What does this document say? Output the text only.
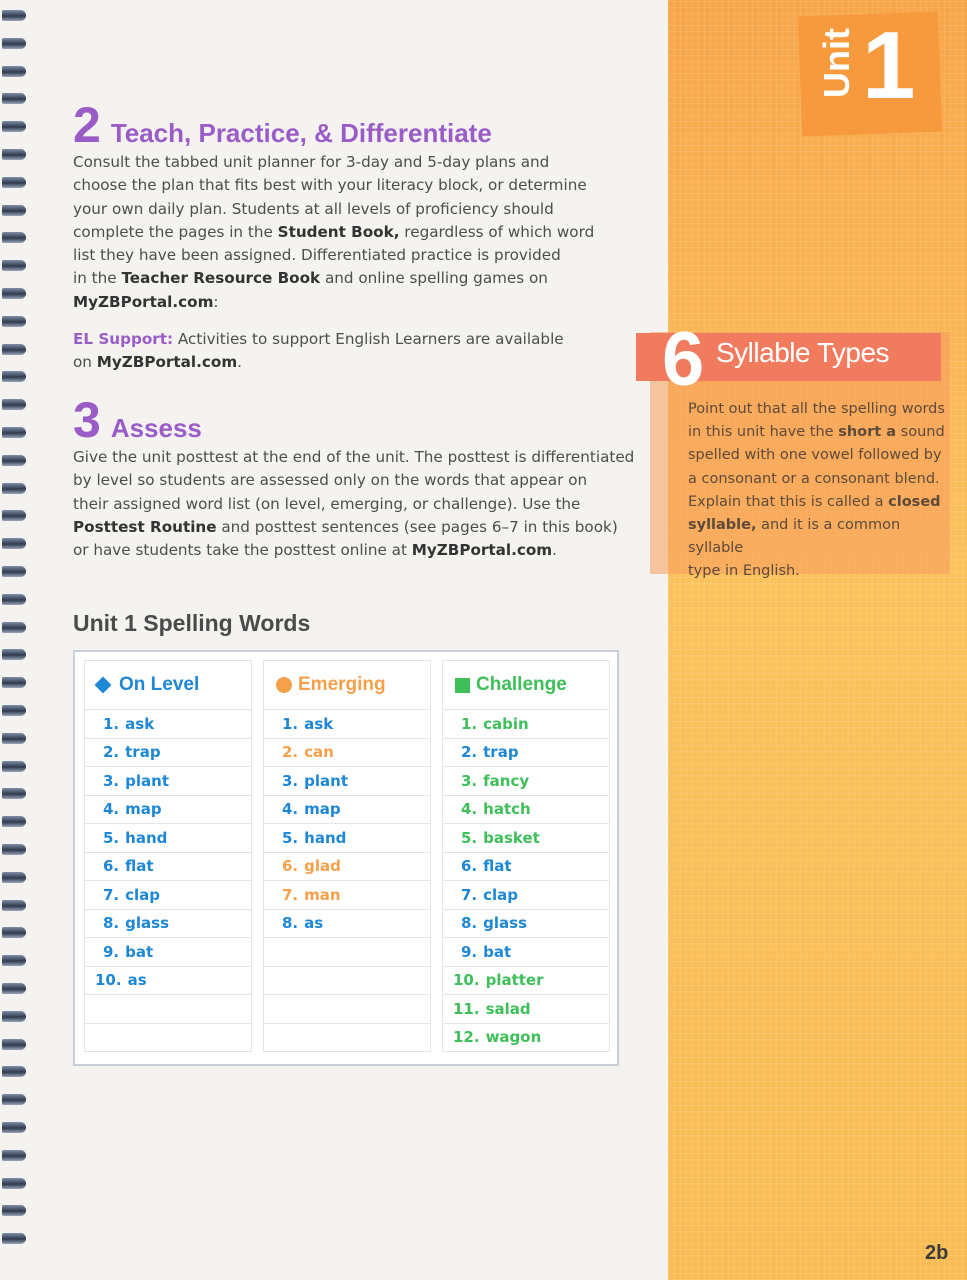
Unit 1
6 Syllable Types
Point out that all the spelling words
in this unit have the short a sound
spelled with one vowel followed by
a consonant or a consonant blend.
Explain that this is called a closed
syllable, and it is a common syllable
type in English.
2 Teach, Practice, & Differentiate
Consult the tabbed unit planner for 3-day and 5-day plans and
choose the plan that fits best with your literacy block, or determine
your own daily plan. Students at all levels of proficiency should
complete the pages in the Student Book, regardless of which word
list they have been assigned. Differentiated practice is provided
in the Teacher Resource Book and online spelling games on
MyZBPortal.com:
EL Support: Activities to support English Learners are available
on MyZBPortal.com.
3 Assess
Give the unit posttest at the end of the unit. The posttest is differentiated
by level so students are assessed only on the words that appear on
their assigned word list (on level, emerging, or challenge). Use the
Posttest Routine and posttest sentences (see pages 6–7 in this book)
or have students take the posttest online at MyZBPortal.com.
Unit 1 Spelling Words
On Level
1. ask
2. trap
3. plant
4. map
5. hand
6. flat
7. clap
8. glass
9. bat
10. as
Emerging
1. ask
2. can
3. plant
4. map
5. hand
6. glad
7. man
8. as
Challenge
1. cabin
2. trap
3. fancy
4. hatch
5. basket
6. flat
7. clap
8. glass
9. bat
10. platter
11. salad
12. wagon
2b
